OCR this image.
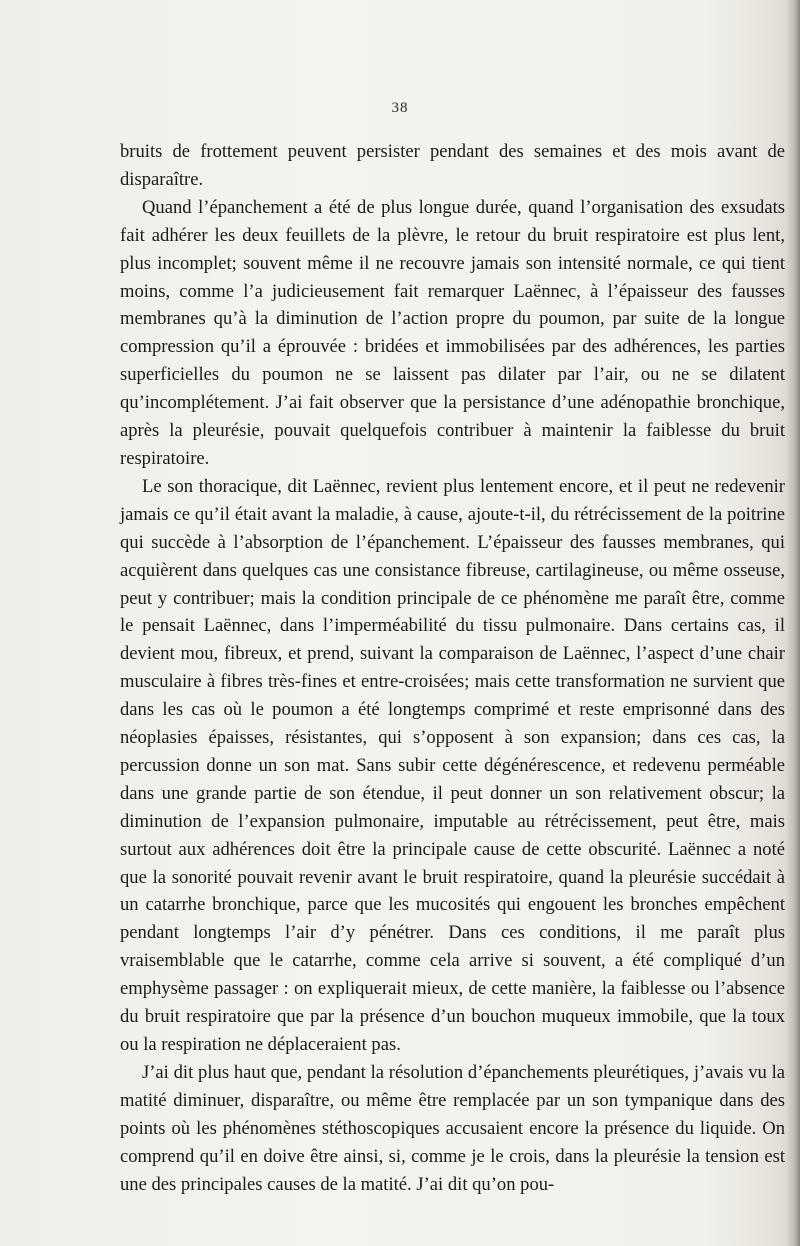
38

bruits de frottement peuvent persister pendant des semaines et des mois avant de disparaître.

Quand l’épanchement a été de plus longue durée, quand l’organisation des exsudats fait adhérer les deux feuillets de la plèvre, le retour du bruit respiratoire est plus lent, plus incomplet; souvent même il ne recouvre jamais son intensité normale, ce qui tient moins, comme l’a judicieusement fait remarquer Laënnec, à l’épaisseur des fausses membranes qu’à la diminution de l’action propre du poumon, par suite de la longue compression qu’il a éprouvée : bridées et immobilisées par des adhérences, les parties superficielles du poumon ne se laissent pas dilater par l’air, ou ne se dilatent qu’incomplétement. J’ai fait observer que la persistance d’une adénopathie bronchique, après la pleurésie, pouvait quelquefois contribuer à maintenir la faiblesse du bruit respiratoire.

Le son thoracique, dit Laënnec, revient plus lentement encore, et il peut ne redevenir jamais ce qu’il était avant la maladie, à cause, ajoute-t-il, du rétrécissement de la poitrine qui succède à l’absorption de l’épanchement. L’épaisseur des fausses membranes, qui acquièrent dans quelques cas une consistance fibreuse, cartilagineuse, ou même osseuse, peut y contribuer; mais la condition principale de ce phénomène me paraît être, comme le pensait Laënnec, dans l’imperméabilité du tissu pulmonaire. Dans certains cas, il devient mou, fibreux, et prend, suivant la comparaison de Laënnec, l’aspect d’une chair musculaire à fibres très-fines et entre-croisées; mais cette transformation ne survient que dans les cas où le poumon a été longtemps comprimé et reste emprisonné dans des néoplasies épaisses, résistantes, qui s’opposent à son expansion; dans ces cas, la percussion donne un son mat. Sans subir cette dégénérescence, et redevenu perméable dans une grande partie de son étendue, il peut donner un son relativement obscur; la diminution de l’expansion pulmonaire, imputable au rétrécissement, peut être, mais surtout aux adhérences doit être la principale cause de cette obscurité. Laënnec a noté que la sonorité pouvait revenir avant le bruit respiratoire, quand la pleurésie succédait à un catarrhe bronchique, parce que les mucosités qui engouent les bronches empêchent pendant longtemps l’air d’y pénétrer. Dans ces conditions, il me paraît plus vraisemblable que le catarrhe, comme cela arrive si souvent, a été compliqué d’un emphysème passager : on expliquerait mieux, de cette manière, la faiblesse ou l’absence du bruit respiratoire que par la présence d’un bouchon muqueux immobile, que la toux ou la respiration ne déplaceraient pas.

J’ai dit plus haut que, pendant la résolution d’épanchements pleurétiques, j’avais vu la matité diminuer, disparaître, ou même être remplacée par un son tympanique dans des points où les phénomènes stéthoscopiques accusaient encore la présence du liquide. On comprend qu’il en doive être ainsi, si, comme je le crois, dans la pleurésie la tension est une des principales causes de la matité. J’ai dit qu’on pou-
